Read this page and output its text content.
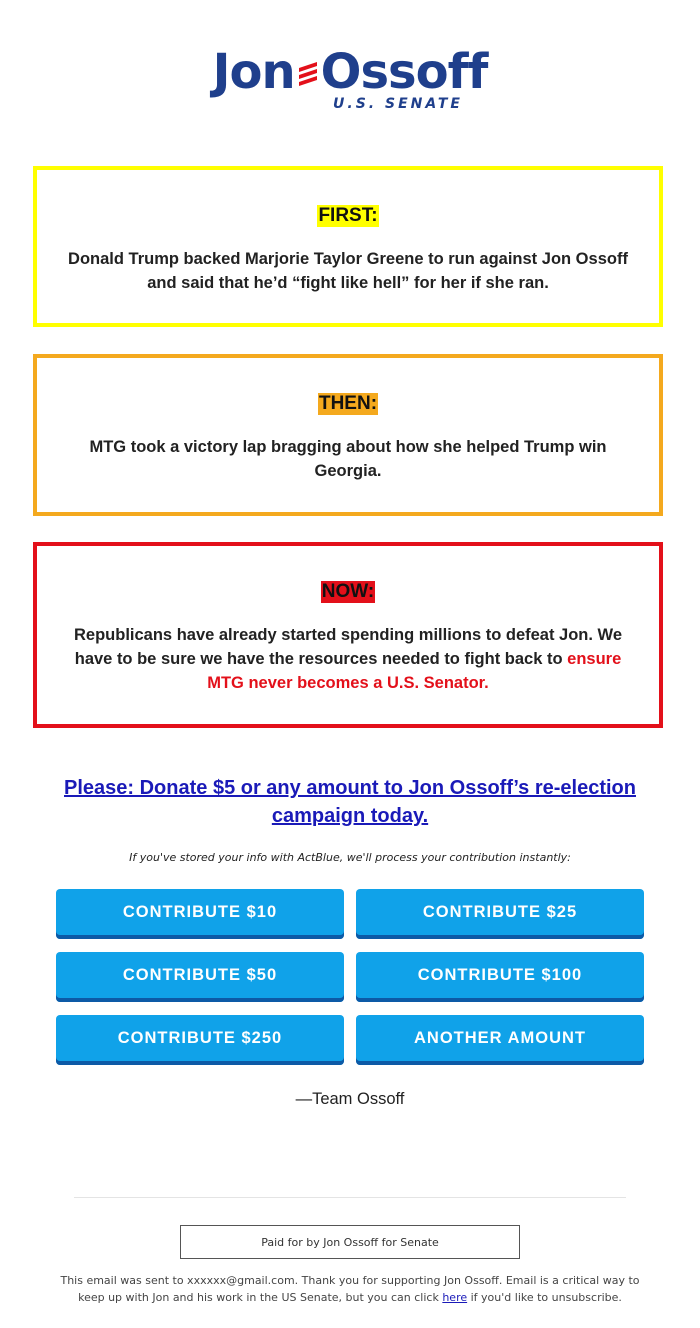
Jon Ossoff
U.S. SENATE
FIRST:
Donald Trump backed Marjorie Taylor Greene to run against Jon Ossoff and said that he’d “fight like hell” for her if she ran.
THEN:
MTG took a victory lap bragging about how she helped Trump win Georgia.
NOW:
Republicans have already started spending millions to defeat Jon. We have to be sure we have the resources needed to fight back to ensure MTG never becomes a U.S. Senator.
Please: Donate $5 or any amount to Jon Ossoff’s re-election campaign today.
If you've stored your info with ActBlue, we'll process your contribution instantly:
CONTRIBUTE $10	CONTRIBUTE $25
CONTRIBUTE $50	CONTRIBUTE $100
CONTRIBUTE $250	ANOTHER AMOUNT
—Team Ossoff
Paid for by Jon Ossoff for Senate
This email was sent to xxxxxx@gmail.com. Thank you for supporting Jon Ossoff. Email is a critical way to keep up with Jon and his work in the US Senate, but you can click here if you'd like to unsubscribe.
